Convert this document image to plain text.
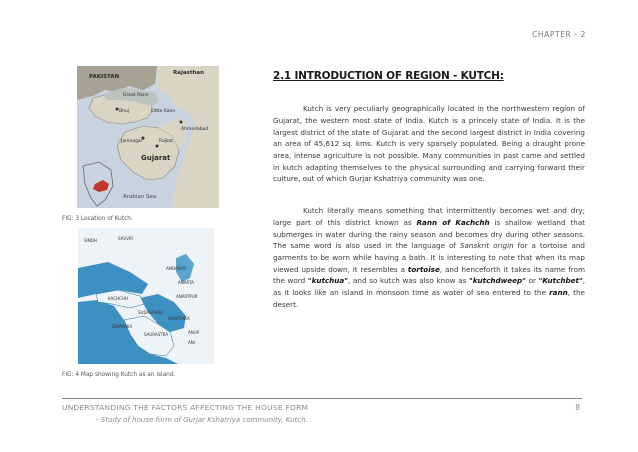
CHAPTER - 2
PAKISTAN
Rajasthan
Great Rann
Little Rann
Bhuj
Ahmedabad
Jamnagar	Rajkot
Gujarat
Arabian Sea
FIG: 3 Location of Kutch.
SINDH	SAUVIR
ANARTA
KACHCHH	ANARTPUR
DWARAKA
SAURASTRA
SUDASTHALI
RAIVATAKA
AMBARATI
ANUP
ANI
FIG: 4 Map showing Kutch as an island.
2.1 INTRODUCTION OF REGION - KUTCH:

Kutch is very peculiarly geographically located in the northwestern region of Gujarat, the western most state of India. Kutch is a princely state of India. It is the largest district of the state of Gujarat and the second largest district in India covering an area of 45,612 sq. kms. Kutch is very sparsely populated. Being a draught prone area, intense agriculture is not possible. Many communities in past came and settled in kutch adapting themselves to the physical surrounding and carrying forward their culture, out of which Gurjar Kshatriya community was one.

Kutch literally means something that intermittently becomes wet and dry; large part of this district known as Rann of Kachchh is shallow wetland that submerges in water during the rainy season and becomes dry during other seasons. The same word is also used in the language of Sanskrit origin for a tortoise and garments to be worn while having a bath. It is interesting to note that when its map viewed upside down, it resembles a tortoise, and henceforth it takes its name from the word "kutchua", and so kutch was also know as "kutchdweep" or "Kutchbet", as it looks like an island in monsoon time as water of sea entered to the rann, the desert.

UNDERSTANDING THE FACTORS AFFECTING THE HOUSE FORM
- Study of house form of Gurjar Kshatriya community, Kutch.
8
